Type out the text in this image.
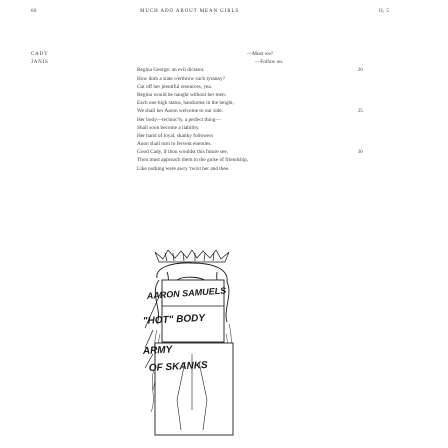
66	MUCH ADO ABOUT MEAN GIRLS	II, 5
CADY
JANIS
—Must we?
—Follow on.
Regina George: an evil dictator.
How doth a state o'erthrow such tyranny?
Cut off her plentiful resources, yea.
Regina would be naught without her men:
Each one high status, handsome in the height,
We shall her Aaron welcome to our side.
Her body—technic'ly, a perfect thing—
Shall soon become a liability.
Her band of loyal, skanky followers
Anon shall turn to fervent enemies.
Good Cady, if thou wouldst this future see,
Thou must approach them in the guise of friendship,
Like nothing were awry 'twixt her and thee.
20
25
30
AARON SAMUELS
"HOT" BODY
ARMY
OF SKANKS
